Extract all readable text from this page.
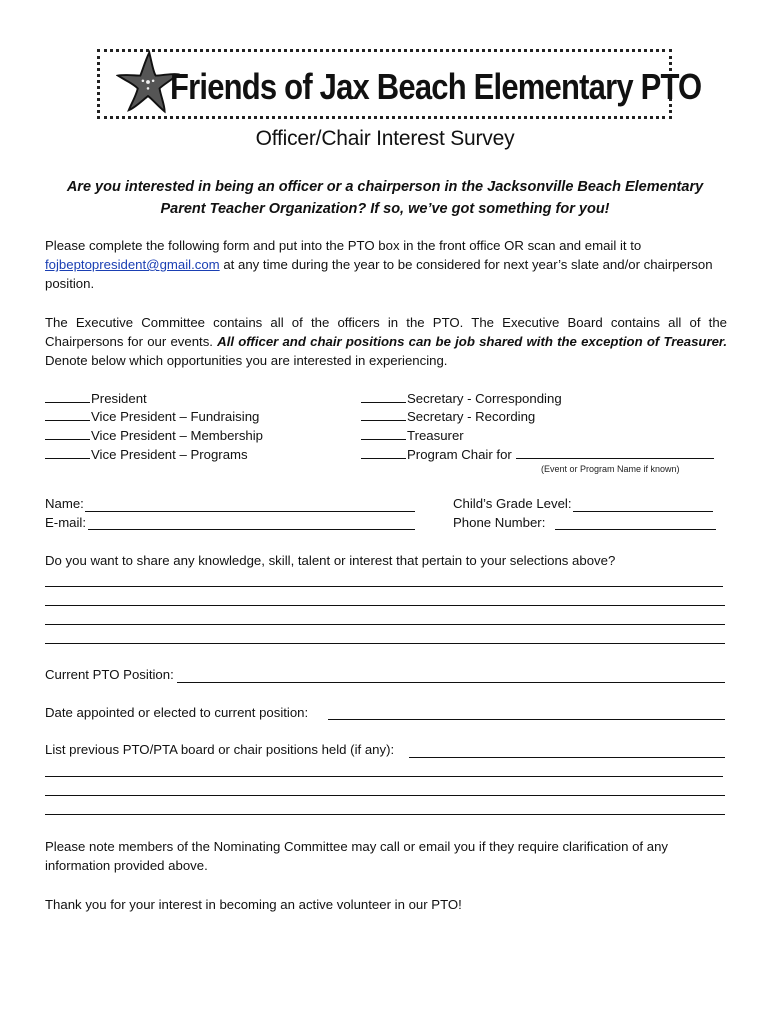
Friends of Jax Beach Elementary PTO
Officer/Chair Interest Survey
Are you interested in being an officer or a chairperson in the Jacksonville Beach Elementary
Parent Teacher Organization? If so, we’ve got something for you!
Please complete the following form and put into the PTO box in the front office OR scan and email it to fojbeptopresident@gmail.com at any time during the year to be considered for next year’s slate and/or chairperson position.
The Executive Committee contains all of the officers in the PTO. The Executive Board contains all of the Chairpersons for our events. All officer and chair positions can be job shared with the exception of Treasurer. Denote below which opportunities you are interested in experiencing.
President
Vice President – Fundraising
Vice President – Membership
Vice President – Programs
Secretary - Corresponding
Secretary - Recording
Treasurer
Program Chair for
(Event or Program Name if known)
Name:
E-mail:
Child’s Grade Level:
Phone Number:
Do you want to share any knowledge, skill, talent or interest that pertain to your selections above?
Current PTO Position:
Date appointed or elected to current position:
List previous PTO/PTA board or chair positions held (if any):
Please note members of the Nominating Committee may call or email you if they require clarification of any information provided above.
Thank you for your interest in becoming an active volunteer in our PTO!
